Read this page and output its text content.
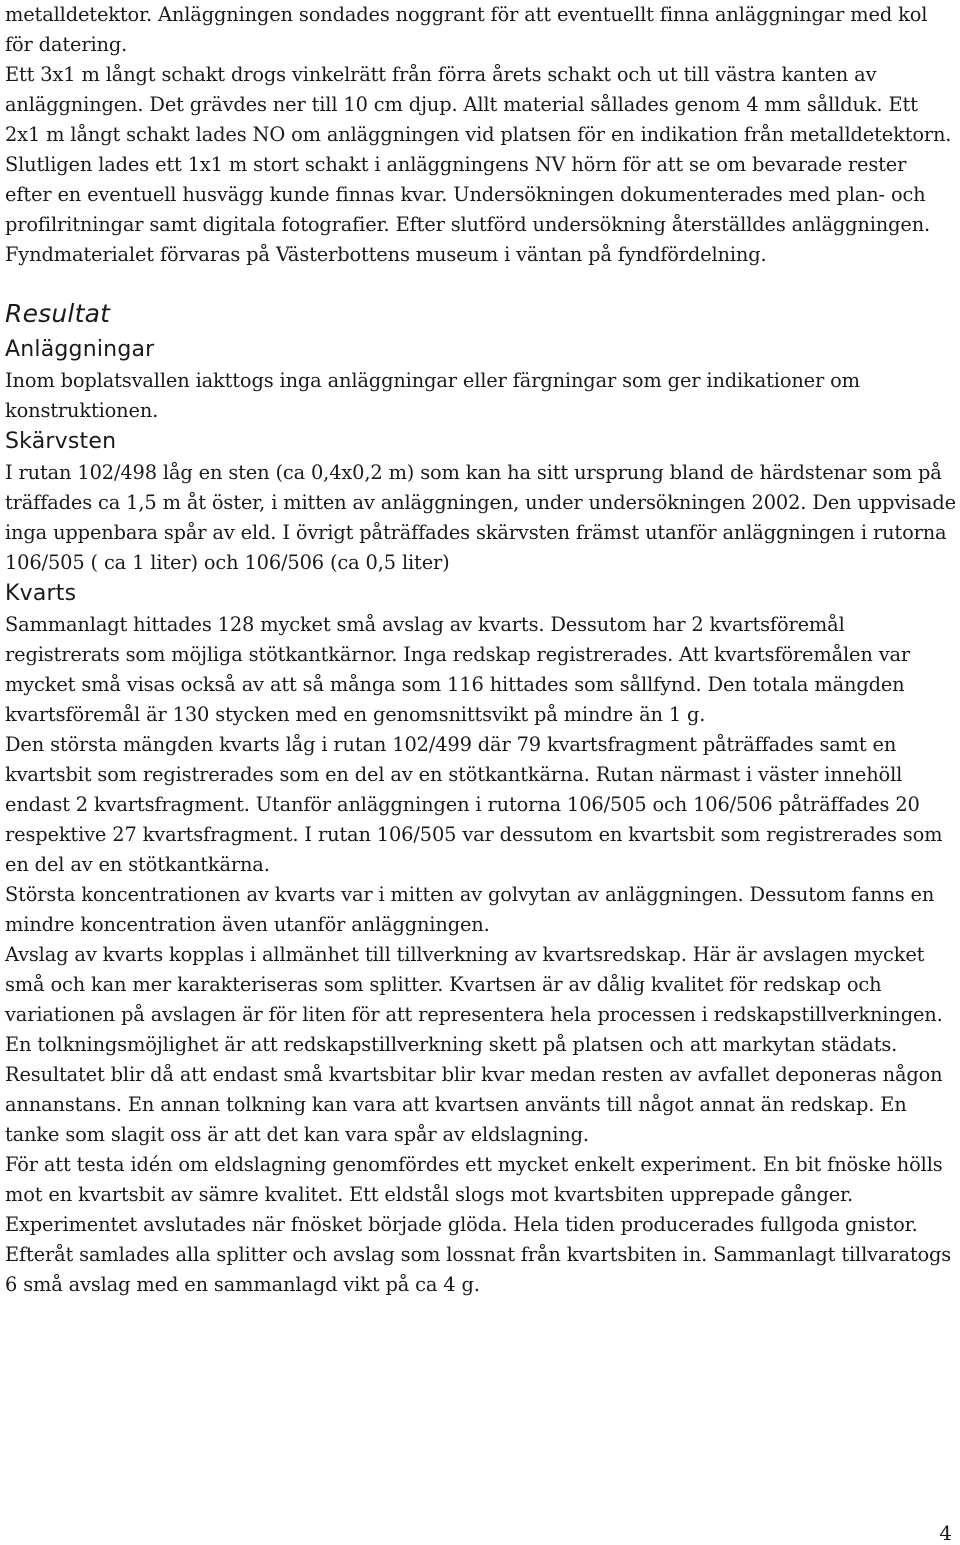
metalldetektor. Anläggningen sondades noggrant för att eventuellt finna anläggningar med kol för datering.

Ett 3x1 m långt schakt drogs vinkelrätt från förra årets schakt och ut till västra kanten av anläggningen. Det grävdes ner till 10 cm djup. Allt material sållades genom 4 mm sållduk. Ett 2x1 m långt schakt lades NO om anläggningen vid platsen för en indikation från metalldetektorn. Slutligen lades ett 1x1 m stort schakt i anläggningens NV hörn för att se om bevarade rester efter en eventuell husvägg kunde finnas kvar. Undersökningen dokumenterades med plan- och profilritningar samt digitala fotografier. Efter slutförd undersökning återställdes anläggningen.

Fyndmaterialet förvaras på Västerbottens museum i väntan på fyndfördelning.

Resultat
Anläggningar

Inom boplatsvallen iakttogs inga anläggningar eller färgningar som ger indikationer om konstruktionen.

Skärvsten

I rutan 102/498 låg en sten (ca 0,4x0,2 m) som kan ha sitt ursprung bland de härdstenar som på träffades ca 1,5 m åt öster, i mitten av anläggningen, under undersökningen 2002. Den uppvisade inga uppenbara spår av eld. I övrigt påträffades skärvsten främst utanför anläggningen i rutorna 106/505 ( ca 1 liter) och 106/506 (ca 0,5 liter)

Kvarts

Sammanlagt hittades 128 mycket små avslag av kvarts. Dessutom har 2 kvartsföremål registrerats som möjliga stötkantkärnor. Inga redskap registrerades. Att kvartsföremålen var mycket små visas också av att så många som 116 hittades som sållfynd. Den totala mängden kvartsföremål är 130 stycken med en genomsnittsvikt på mindre än 1 g.

Den största mängden kvarts låg i rutan 102/499 där 79 kvartsfragment påträffades samt en kvartsbit som registrerades som en del av en stötkantkärna. Rutan närmast i väster innehöll endast 2 kvartsfragment. Utanför anläggningen i rutorna 106/505 och 106/506 påträffades 20 respektive 27 kvartsfragment. I rutan 106/505 var dessutom en kvartsbit som registrerades som en del av en stötkantkärna.

Största koncentrationen av kvarts var i mitten av golvytan av anläggningen. Dessutom fanns en mindre koncentration även utanför anläggningen.

Avslag av kvarts kopplas i allmänhet till tillverkning av kvartsredskap. Här är avslagen mycket små och kan mer karakteriseras som splitter. Kvartsen är av dålig kvalitet för redskap och variationen på avslagen är för liten för att representera hela processen i redskapstillverkningen. En tolkningsmöjlighet är att redskapstillverkning skett på platsen och att markytan städats. Resultatet blir då att endast små kvartsbitar blir kvar medan resten av avfallet deponeras någon annanstans. En annan tolkning kan vara att kvartsen använts till något annat än redskap. En tanke som slagit oss är att det kan vara spår av eldslagning.

För att testa idén om eldslagning genomfördes ett mycket enkelt experiment. En bit fnöske hölls mot en kvartsbit av sämre kvalitet. Ett eldstål slogs mot kvartsbiten upprepade gånger. Experimentet avslutades när fnösket började glöda. Hela tiden producerades fullgoda gnistor. Efteråt samlades alla splitter och avslag som lossnat från kvartsbiten in. Sammanlagt tillvaratogs 6 små avslag med en sammanlagd vikt på ca 4 g.

4
